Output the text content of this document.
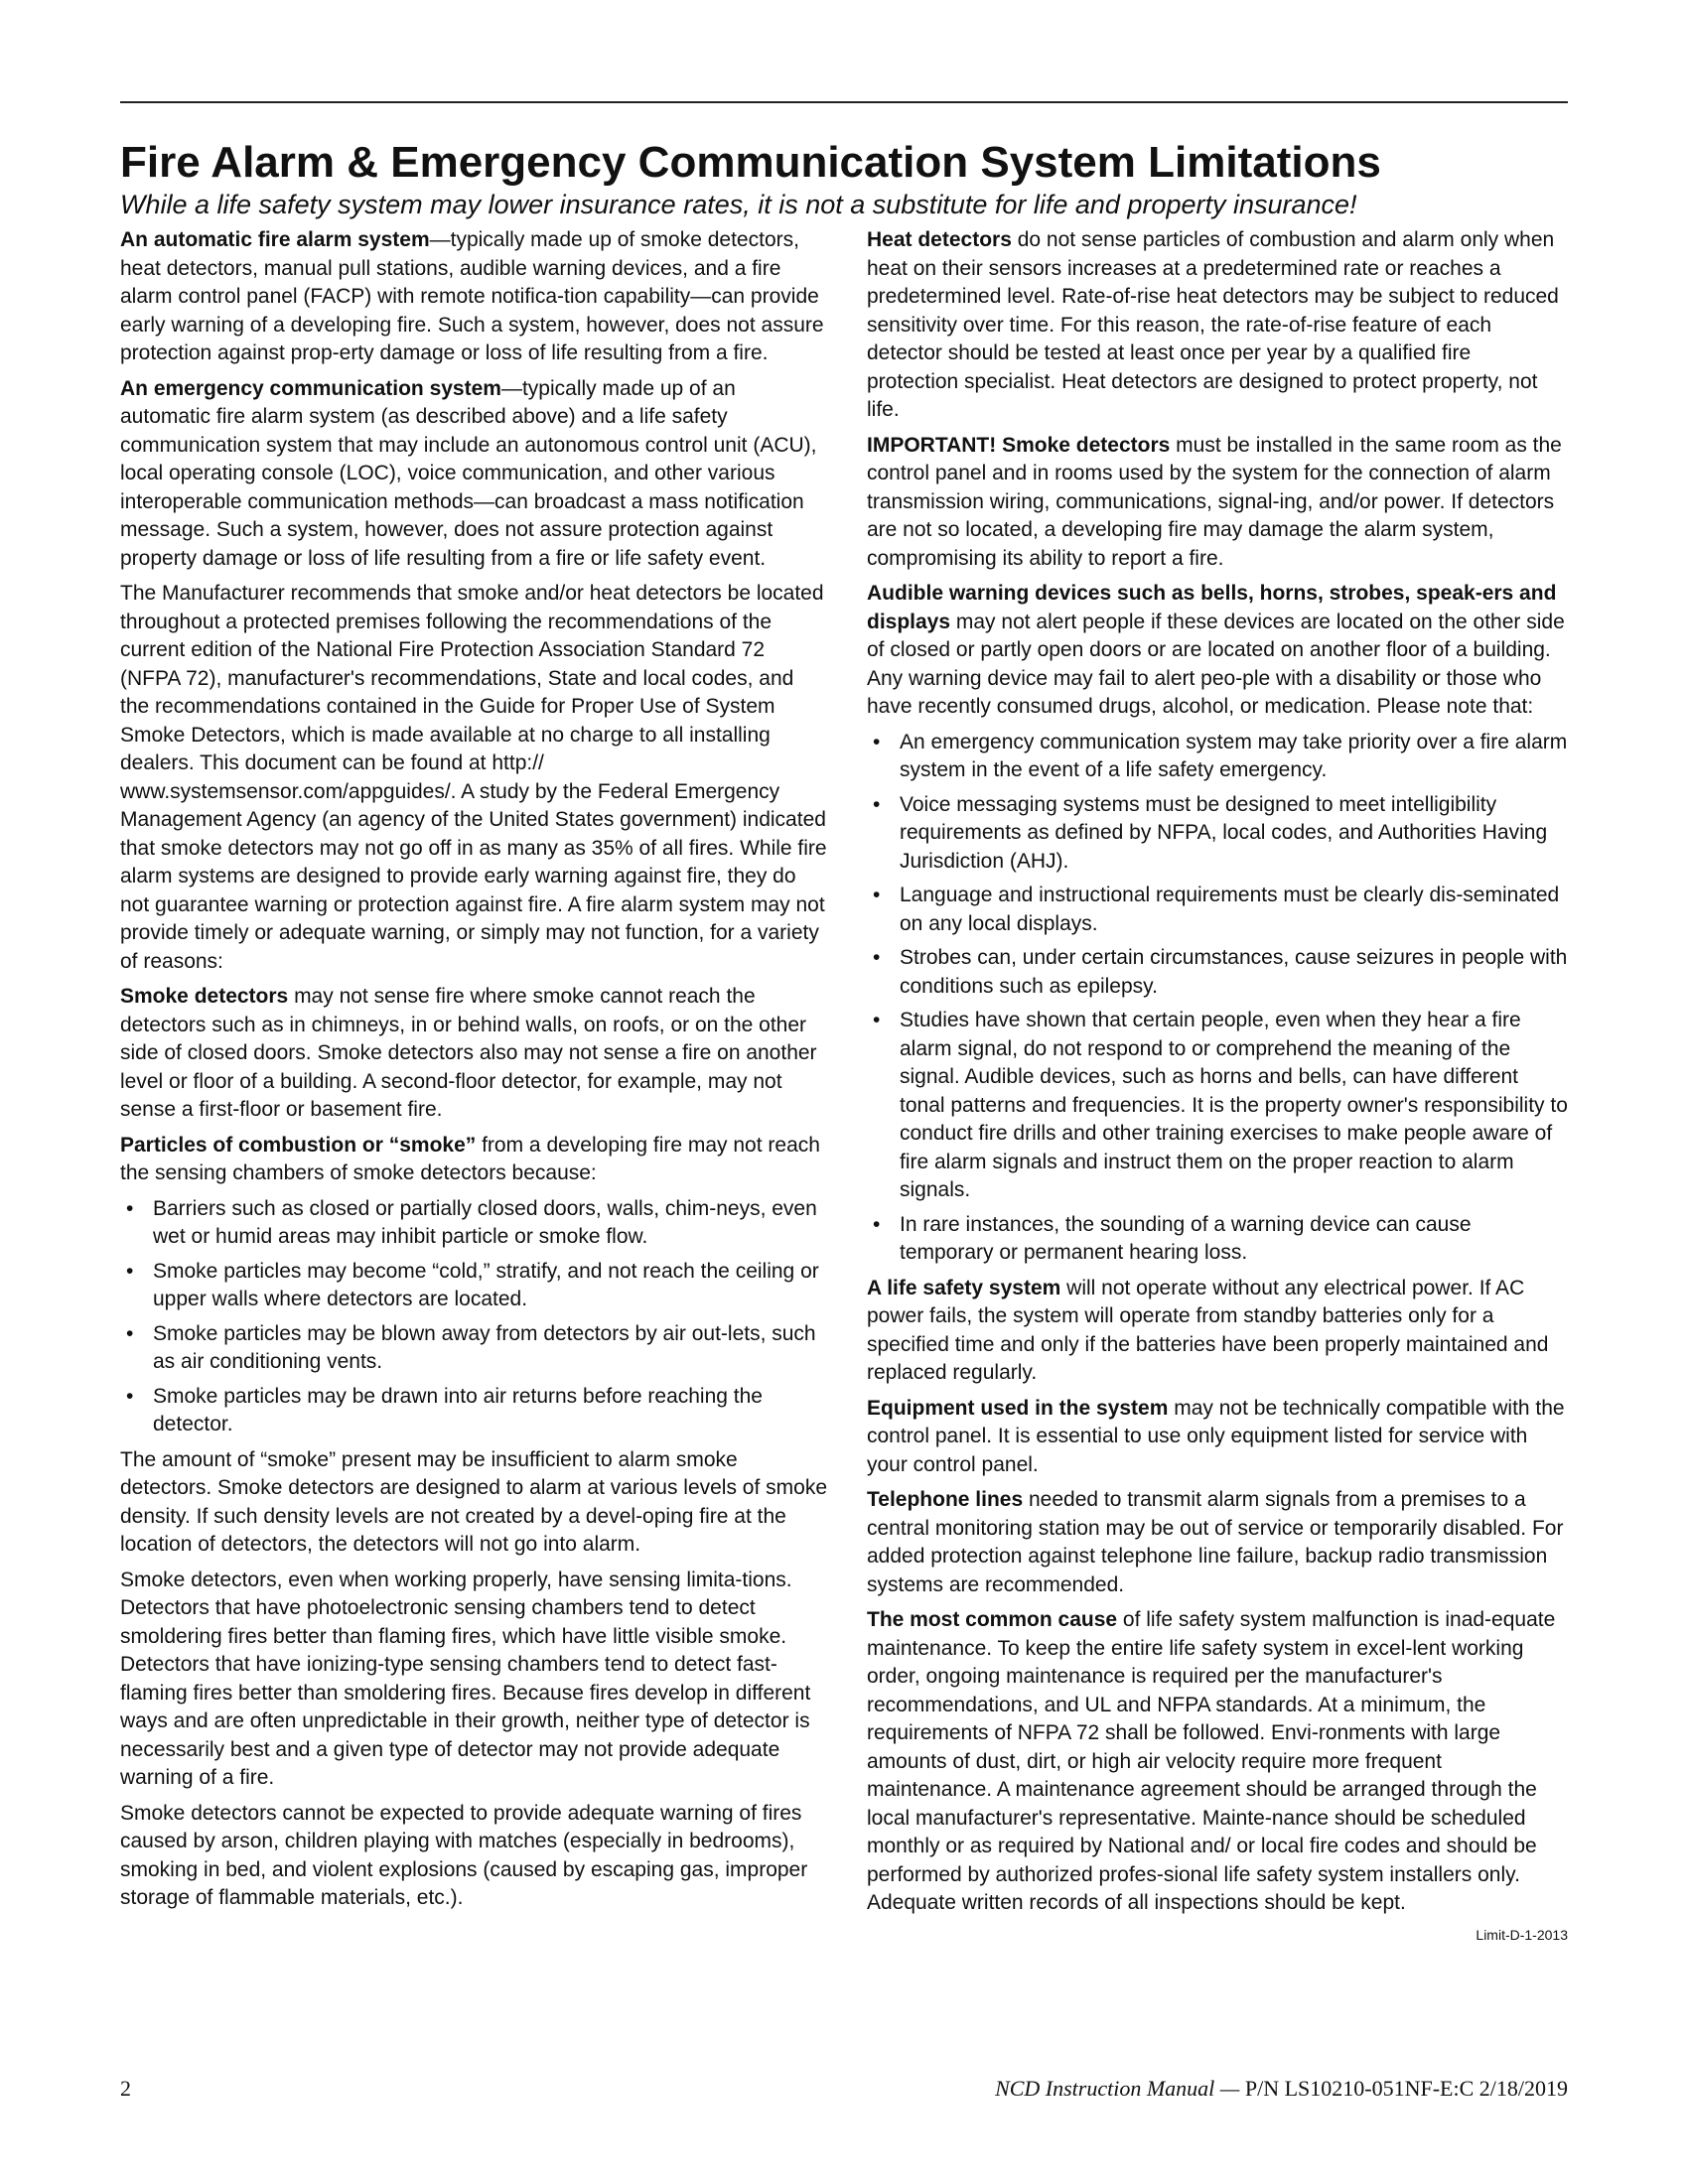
Fire Alarm & Emergency Communication System Limitations
While a life safety system may lower insurance rates, it is not a substitute for life and property insurance!

An automatic fire alarm system—typically made up of smoke detectors, heat detectors, manual pull stations, audible warning devices, and a fire alarm control panel (FACP) with remote notifica-tion capability—can provide early warning of a developing fire. Such a system, however, does not assure protection against prop-erty damage or loss of life resulting from a fire.

An emergency communication system—typically made up of an automatic fire alarm system (as described above) and a life safety communication system that may include an autonomous control unit (ACU), local operating console (LOC), voice communication, and other various interoperable communication methods—can broadcast a mass notification message. Such a system, however, does not assure protection against property damage or loss of life resulting from a fire or life safety event.

The Manufacturer recommends that smoke and/or heat detectors be located throughout a protected premises following the recommendations of the current edition of the National Fire Protection Association Standard 72 (NFPA 72), manufacturer's recommendations, State and local codes, and the recommendations contained in the Guide for Proper Use of System Smoke Detectors, which is made available at no charge to all installing dealers. This document can be found at http:// www.systemsensor.com/appguides/. A study by the Federal Emergency Management Agency (an agency of the United States government) indicated that smoke detectors may not go off in as many as 35% of all fires. While fire alarm systems are designed to provide early warning against fire, they do not guarantee warning or protection against fire. A fire alarm system may not provide timely or adequate warning, or simply may not function, for a variety of reasons:

Smoke detectors may not sense fire where smoke cannot reach the detectors such as in chimneys, in or behind walls, on roofs, or on the other side of closed doors. Smoke detectors also may not sense a fire on another level or floor of a building. A second-floor detector, for example, may not sense a first-floor or basement fire.

Particles of combustion or “smoke” from a developing fire may not reach the sensing chambers of smoke detectors because:

• Barriers such as closed or partially closed doors, walls, chim-neys, even wet or humid areas may inhibit particle or smoke flow.
• Smoke particles may become “cold,” stratify, and not reach the ceiling or upper walls where detectors are located.
• Smoke particles may be blown away from detectors by air out-lets, such as air conditioning vents.
• Smoke particles may be drawn into air returns before reaching the detector.

The amount of “smoke” present may be insufficient to alarm smoke detectors. Smoke detectors are designed to alarm at various levels of smoke density. If such density levels are not created by a devel-oping fire at the location of detectors, the detectors will not go into alarm.

Smoke detectors, even when working properly, have sensing limita-tions. Detectors that have photoelectronic sensing chambers tend to detect smoldering fires better than flaming fires, which have little visible smoke. Detectors that have ionizing-type sensing chambers tend to detect fast-flaming fires better than smoldering fires. Because fires develop in different ways and are often unpredictable in their growth, neither type of detector is necessarily best and a given type of detector may not provide adequate warning of a fire.

Smoke detectors cannot be expected to provide adequate warning of fires caused by arson, children playing with matches (especially in bedrooms), smoking in bed, and violent explosions (caused by escaping gas, improper storage of flammable materials, etc.).

Heat detectors do not sense particles of combustion and alarm only when heat on their sensors increases at a predetermined rate or reaches a predetermined level. Rate-of-rise heat detectors may be subject to reduced sensitivity over time. For this reason, the rate-of-rise feature of each detector should be tested at least once per year by a qualified fire protection specialist. Heat detectors are designed to protect property, not life.

IMPORTANT! Smoke detectors must be installed in the same room as the control panel and in rooms used by the system for the connection of alarm transmission wiring, communications, signal-ing, and/or power. If detectors are not so located, a developing fire may damage the alarm system, compromising its ability to report a fire.

Audible warning devices such as bells, horns, strobes, speak-ers and displays may not alert people if these devices are located on the other side of closed or partly open doors or are located on another floor of a building. Any warning device may fail to alert peo-ple with a disability or those who have recently consumed drugs, alcohol, or medication. Please note that:

• An emergency communication system may take priority over a fire alarm system in the event of a life safety emergency.
• Voice messaging systems must be designed to meet intelligibility requirements as defined by NFPA, local codes, and Authorities Having Jurisdiction (AHJ).
• Language and instructional requirements must be clearly dis-seminated on any local displays.
• Strobes can, under certain circumstances, cause seizures in people with conditions such as epilepsy.
• Studies have shown that certain people, even when they hear a fire alarm signal, do not respond to or comprehend the meaning of the signal. Audible devices, such as horns and bells, can have different tonal patterns and frequencies. It is the property owner's responsibility to conduct fire drills and other training exercises to make people aware of fire alarm signals and instruct them on the proper reaction to alarm signals.
• In rare instances, the sounding of a warning device can cause temporary or permanent hearing loss.

A life safety system will not operate without any electrical power. If AC power fails, the system will operate from standby batteries only for a specified time and only if the batteries have been properly maintained and replaced regularly.

Equipment used in the system may not be technically compatible with the control panel. It is essential to use only equipment listed for service with your control panel.

Telephone lines needed to transmit alarm signals from a premises to a central monitoring station may be out of service or temporarily disabled. For added protection against telephone line failure, backup radio transmission systems are recommended.

The most common cause of life safety system malfunction is inad-equate maintenance. To keep the entire life safety system in excel-lent working order, ongoing maintenance is required per the manufacturer's recommendations, and UL and NFPA standards. At a minimum, the requirements of NFPA 72 shall be followed. Envi-ronments with large amounts of dust, dirt, or high air velocity require more frequent maintenance. A maintenance agreement should be arranged through the local manufacturer's representative. Mainte-nance should be scheduled monthly or as required by National and/ or local fire codes and should be performed by authorized profes-sional life safety system installers only. Adequate written records of all inspections should be kept.

Limit-D-1-2013
2	NCD Instruction Manual — P/N LS10210-051NF-E:C 2/18/2019
